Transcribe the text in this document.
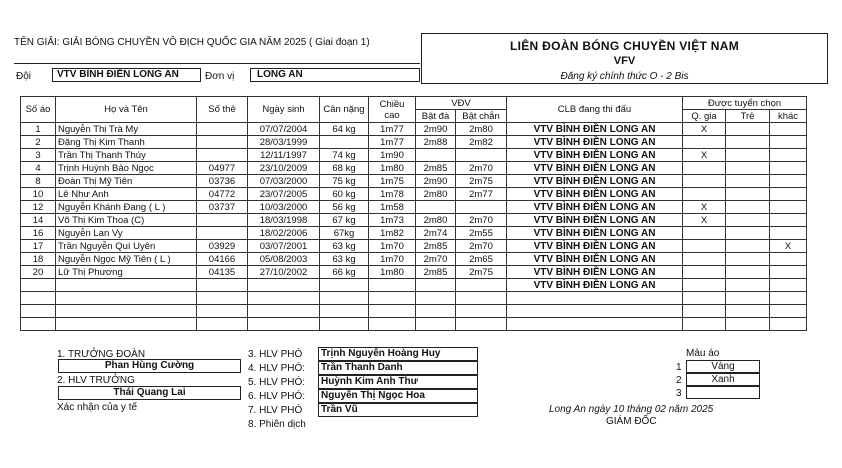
TÊN GIẢI: GIẢI BÓNG CHUYỀN VÔ ĐỊCH QUỐC GIA NĂM 2025 ( Giai đoạn 1)
Đội	VTV BÌNH ĐIỀN LONG AN	Đơn vị	LONG AN
LIÊN ĐOÀN BÓNG CHUYỀN VIỆT NAM
VFV
Đăng ký chính thức O - 2 Bis
Số áo	Họ và Tên	Số thẻ	Ngày sinh	Cân nặng	Chiều cao	VĐV		CLB đang thi đấu	Được tuyển chọn		
						Bật đà	Bật chắn		Q. gia	Trẻ	khác
1	Nguyễn Thị Trà My		07/07/2004	64 kg	1m77	2m90	2m80	VTV BÌNH ĐIỀN LONG AN	X		
2	Đặng Thị Kim Thanh		28/03/1999		1m77	2m88	2m82	VTV BÌNH ĐIỀN LONG AN			
3	Trần Thị Thanh Thúy		12/11/1997	74 kg	1m90			VTV BÌNH ĐIỀN LONG AN	X		
4	Trịnh Huỳnh Bảo Ngọc	04977	23/10/2009	68 kg	1m80	2m85	2m70	VTV BÌNH ĐIỀN LONG AN			
8	Đoàn Thị Mỹ Tiên	03736	07/03/2000	75 kg	1m75	2m90	2m75	VTV BÌNH ĐIỀN LONG AN			
10	Lê Như Anh	04772	23/07/2005	60 kg	1m78	2m80	2m77	VTV BÌNH ĐIỀN LONG AN			
12	Nguyễn Khánh Đang ( L )	03737	10/03/2000	56 kg	1m58			VTV BÌNH ĐIỀN LONG AN	X		
14	Võ Thị Kim Thoa (C)		18/03/1998	67 kg	1m73	2m80	2m70	VTV BÌNH ĐIỀN LONG AN	X		
16	Nguyễn Lan Vy		18/02/2006	67kg	1m82	2m74	2m55	VTV BÌNH ĐIỀN LONG AN			
17	Trần Nguyễn Quí Uyên	03929	03/07/2001	63 kg	1m70	2m85	2m70	VTV BÌNH ĐIỀN LONG AN			X
18	Nguyễn Ngọc Mỹ Tiên ( L )	04166	05/08/2003	63 kg	1m70	2m70	2m65	VTV BÌNH ĐIỀN LONG AN			
20	Lữ Thị Phương	04135	27/10/2002	66 kg	1m80	2m85	2m75	VTV BÌNH ĐIỀN LONG AN			
								VTV BÌNH ĐIỀN LONG AN			

1. TRƯỞNG ĐOÀN
Phan Hùng Cường
2. HLV TRƯỞNG
Thái Quang Lai
Xác nhận của y tế
3. HLV PHÓ	Trịnh Nguyễn Hoàng Huy
4. HLV PHÓ:	Trần Thanh Danh
5. HLV PHÓ:	Huỳnh Kim Anh Thư
6. HLV PHÓ:	Nguyễn Thị Ngọc Hoa
7. HLV PHÓ	Trần Vũ
8. Phiên dịch
Màu áo
1	Vàng
2	Xanh
3
Long An ngày 10 tháng 02 năm 2025
GIÁM ĐỐC
